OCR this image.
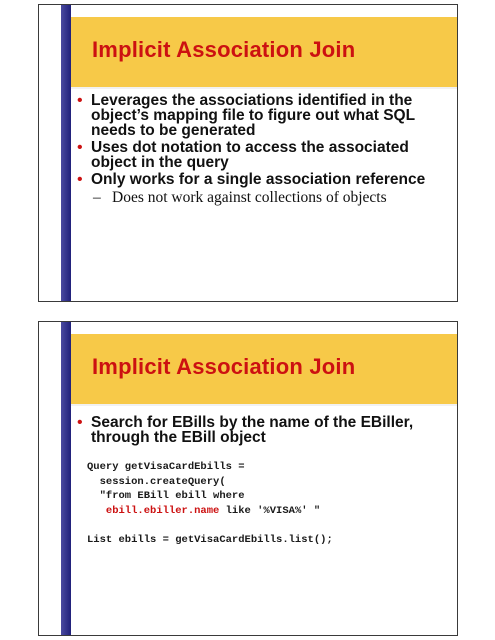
Implicit Association Join
• Leverages the associations identified in the object’s mapping file to figure out what SQL needs to be generated
• Uses dot notation to access the associated object in the query
• Only works for a single association reference
– Does not work against collections of objects
Implicit Association Join
• Search for EBills by the name of the EBiller, through the EBill object
Query getVisaCardEbills =
session.createQuery(
"from EBill ebill where
ebill.ebiller.name like '%VISA%' "

List ebills = getVisaCardEbills.list();
